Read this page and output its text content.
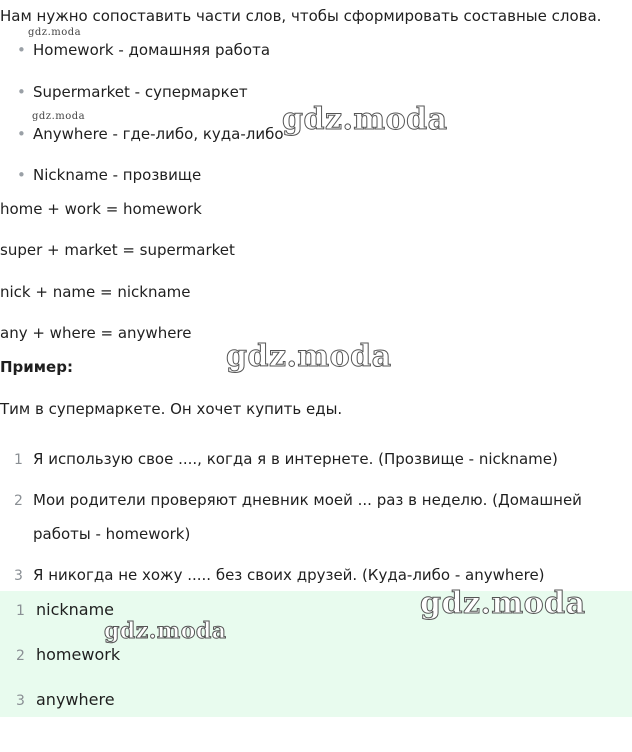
Нам нужно сопоставить части слов, чтобы сформировать составные слова.
• Homework - домашняя работа
• Supermarket - супермаркет
• Anywhere - где-либо, куда-либо
• Nickname - прозвище
home + work = homework
super + market = supermarket
nick + name = nickname
any + where = anywhere
Пример:
Тим в супермаркете. Он хочет купить еды.
1 Я использую свое ...., когда я в интернете. (Прозвище - nickname)
2 Мои родители проверяют дневник моей ... раз в неделю. (Домашней
работы - homework)
3 Я никогда не хожу ..... без своих друзей. (Куда-либо - anywhere)
1 nickname
2 homework
3 anywhere
gdz.moda
gdz.moda	gdz.moda
gdz.moda
gdz.moda
gdz.moda
